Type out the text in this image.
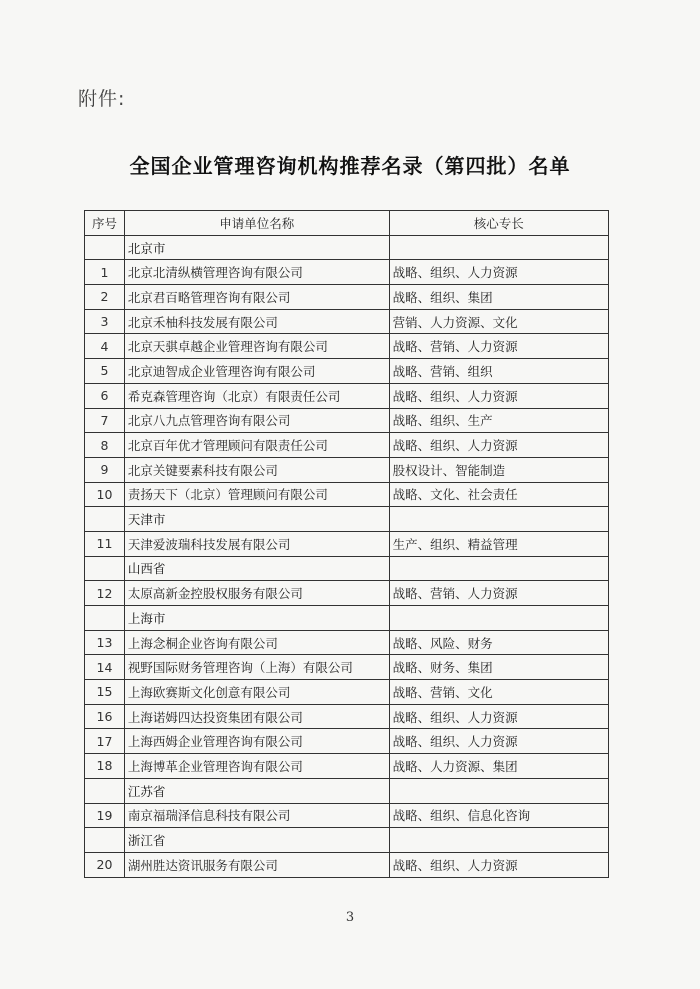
附件:
全国企业管理咨询机构推荐名录（第四批）名单
序号	申请单位名称	核心专长
	北京市	
1	北京北清纵横管理咨询有限公司	战略、组织、人力资源
2	北京君百略管理咨询有限公司	战略、组织、集团
3	北京禾柚科技发展有限公司	营销、人力资源、文化
4	北京天骐卓越企业管理咨询有限公司	战略、营销、人力资源
5	北京迪智成企业管理咨询有限公司	战略、营销、组织
6	希克森管理咨询（北京）有限责任公司	战略、组织、人力资源
7	北京八九点管理咨询有限公司	战略、组织、生产
8	北京百年优才管理顾问有限责任公司	战略、组织、人力资源
9	北京关键要素科技有限公司	股权设计、智能制造
10	责扬天下（北京）管理顾问有限公司	战略、文化、社会责任
	天津市	
11	天津爱波瑞科技发展有限公司	生产、组织、精益管理
	山西省	
12	太原高新金控股权服务有限公司	战略、营销、人力资源
	上海市	
13	上海念桐企业咨询有限公司	战略、风险、财务
14	视野国际财务管理咨询（上海）有限公司	战略、财务、集团
15	上海欧赛斯文化创意有限公司	战略、营销、文化
16	上海诺姆四达投资集团有限公司	战略、组织、人力资源
17	上海西姆企业管理咨询有限公司	战略、组织、人力资源
18	上海博革企业管理咨询有限公司	战略、人力资源、集团
	江苏省	
19	南京福瑞泽信息科技有限公司	战略、组织、信息化咨询
	浙江省	
20	湖州胜达资讯服务有限公司	战略、组织、人力资源
3
